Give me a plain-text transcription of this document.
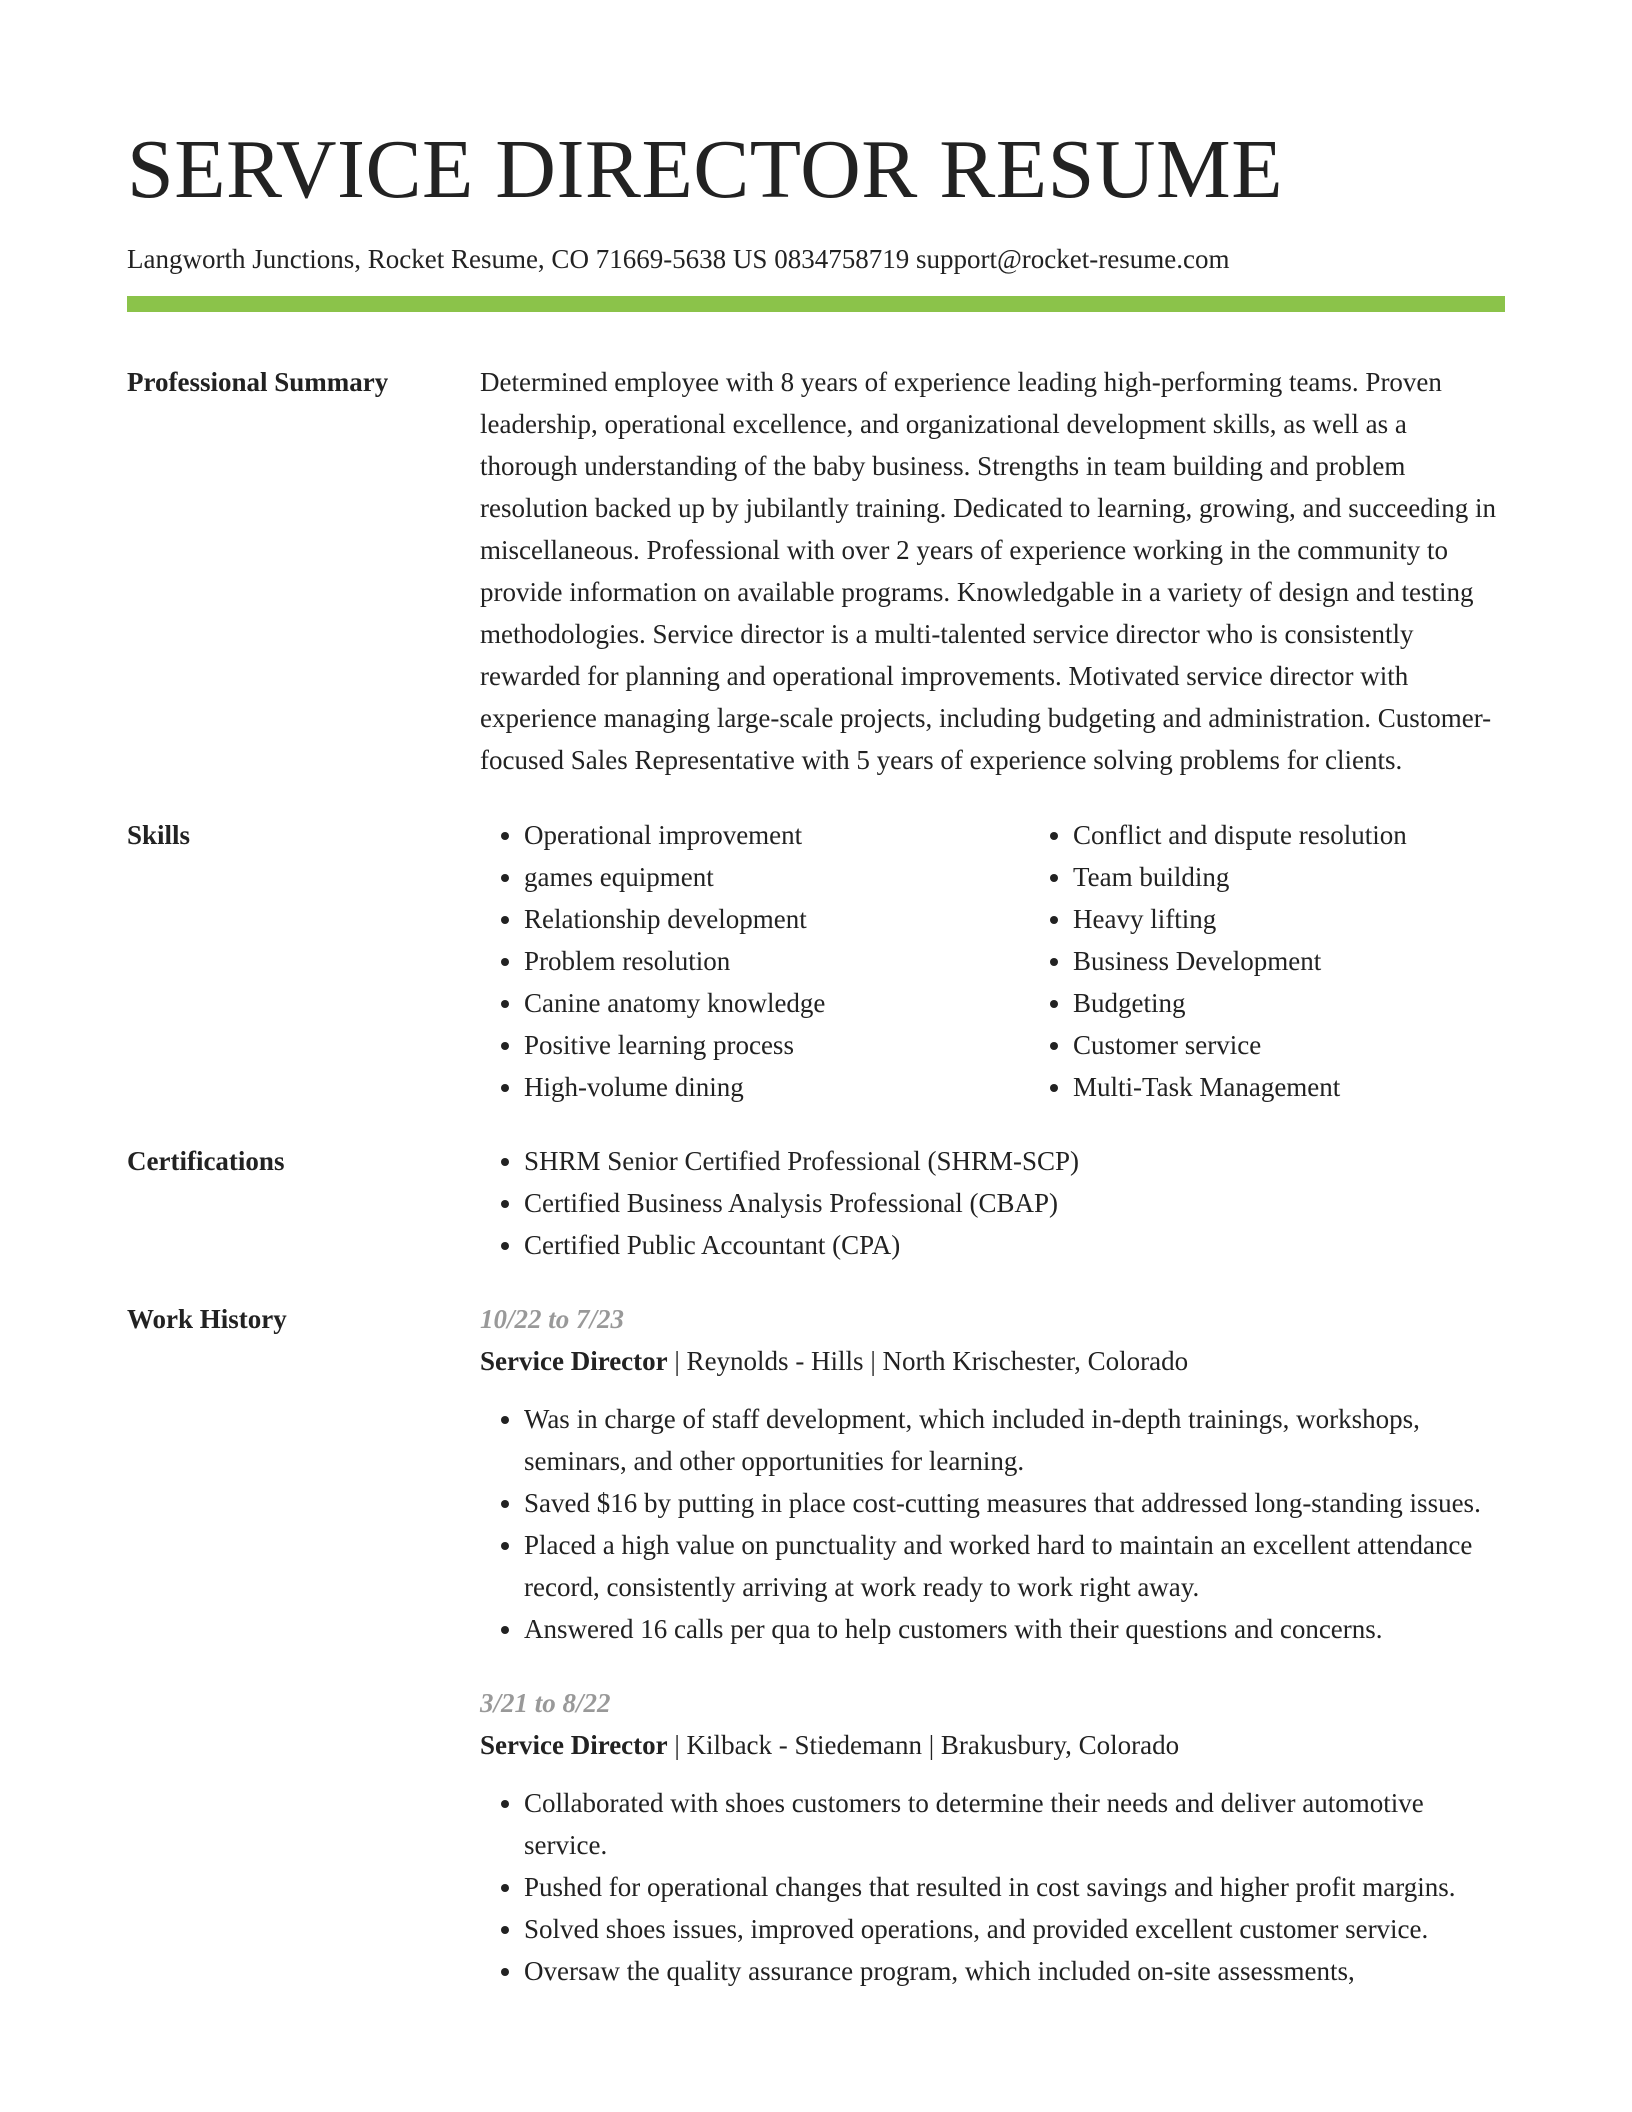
SERVICE DIRECTOR RESUME
Langworth Junctions, Rocket Resume, CO 71669-5638 US 0834758719 support@rocket-resume.com
Professional Summary	Determined employee with 8 years of experience leading high-performing teams. Proven leadership, operational excellence, and organizational development skills, as well as a thorough understanding of the baby business. Strengths in team building and problem resolution backed up by jubilantly training. Dedicated to learning, growing, and succeeding in miscellaneous. Professional with over 2 years of experience working in the community to provide information on available programs. Knowledgable in a variety of design and testing methodologies. Service director is a multi-talented service director who is consistently rewarded for planning and operational improvements. Motivated service director with experience managing large-scale projects, including budgeting and administration. Customer-focused Sales Representative with 5 years of experience solving problems for clients.

Skills	• Operational improvement
• games equipment
• Relationship development
• Problem resolution
• Canine anatomy knowledge
• Positive learning process
• High-volume dining
• Conflict and dispute resolution
• Team building
• Heavy lifting
• Business Development
• Budgeting
• Customer service
• Multi-Task Management
Certifications	• SHRM Senior Certified Professional (SHRM-SCP)
• Certified Business Analysis Professional (CBAP)
• Certified Public Accountant (CPA)
Work History	10/22 to 7/23
Service Director | Reynolds - Hills | North Krischester, Colorado
• Was in charge of staff development, which included in-depth trainings, workshops, seminars, and other opportunities for learning.
• Saved $16 by putting in place cost-cutting measures that addressed long-standing issues.
• Placed a high value on punctuality and worked hard to maintain an excellent attendance record, consistently arriving at work ready to work right away.
• Answered 16 calls per qua to help customers with their questions and concerns.
3/21 to 8/22
Service Director | Kilback - Stiedemann | Brakusbury, Colorado
• Collaborated with shoes customers to determine their needs and deliver automotive service.
• Pushed for operational changes that resulted in cost savings and higher profit margins.
• Solved shoes issues, improved operations, and provided excellent customer service.
• Oversaw the quality assurance program, which included on-site assessments,
